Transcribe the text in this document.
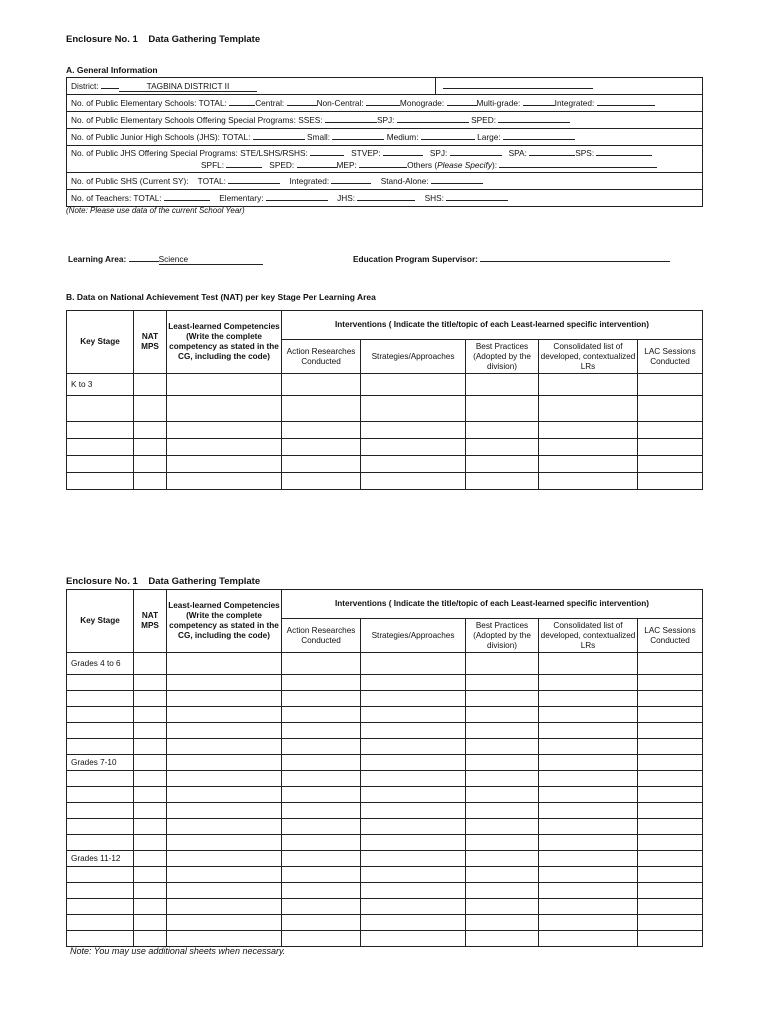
Enclosure No. 1 Data Gathering Template
A. General Information
District:	TAGBINA DISTRICT II	
No. of Public Elementary Schools: TOTAL:	Central:	Non-Central:	Monograde:	Multi-grade:	Integrated:
No. of Public Elementary Schools Offering Special Programs: SSES:	SPJ:	SPED:
No. of Public Junior High Schools (JHS): TOTAL:	Small:	Medium:	Large:
No. of Public JHS Offering Special Programs: STE/LSHS/RSHS:	STVEP:	SPJ:	SPA:	SPS:
SPFL:	SPED:	MEP:	Others (Please Specify):
No. of Public SHS (Current SY): TOTAL:	Integrated:	Stand-Alone:
No. of Teachers: TOTAL:	Elementary:	JHS:	SHS:
(Note: Please use data of the current School Year)
Learning Area:	Science	Education Program Supervisor:
B. Data on National Achievement Test (NAT) per key Stage Per Learning Area
Key Stage	NAT MPS	Least-learned Competencies (Write the complete competency as stated in the CG, including the code)	Interventions ( Indicate the title/topic of each Least-learned specific intervention)				
			Action Researches Conducted	Strategies/Approaches	Best Practices (Adopted by the division)	Consolidated list of developed, contextualized LRs	LAC Sessions Conducted
K to 3							

Enclosure No. 1 Data Gathering Template
Key Stage	NAT MPS	Least-learned Competencies (Write the complete competency as stated in the CG, including the code)	Interventions ( Indicate the title/topic of each Least-learned specific intervention)				
			Action Researches Conducted	Strategies/Approaches	Best Practices (Adopted by the division)	Consolidated list of developed, contextualized LRs	LAC Sessions Conducted
Grades 4 to 6							

Grades 7-10							

Grades 11-12							

Note: You may use additional sheets when necessary.
